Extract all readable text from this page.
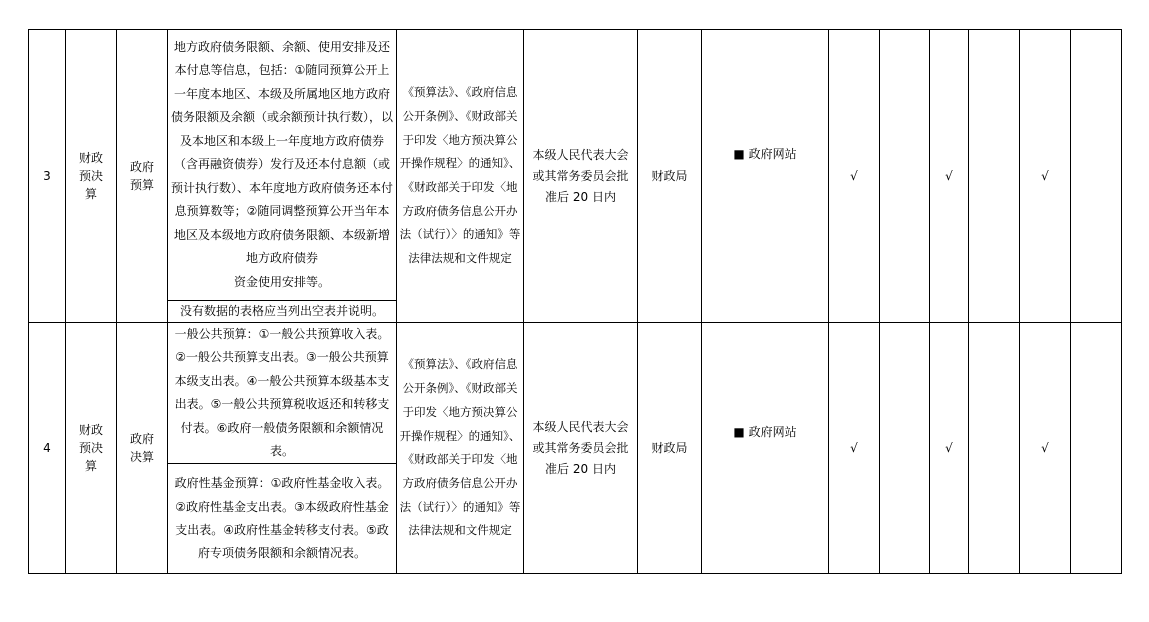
3	财政预决算	政府预算	地方政府债务限额、余额、使用安排及还本付息等信息，包括：①随同预算公开上一年度本地区、本级及所属地区地方政府债务限额及余额（或余额预计执行数），以及本地区和本级上一年度地方政府债券（含再融资债券）发行及还本付息额（或预计执行数）、本年度地方政府债务还本付息预算数等；②随同调整预算公开当年本地区及本级地方政府债务限额、本级新增地方政府债券
资金使用安排等。	《预算法》、《政府信息公开条例》、《财政部关于印发〈地方预决算公开操作规程〉的通知》、《财政部关于印发〈地方政府债务信息公开办法（试行）〉的通知》等法律法规和文件规定	本级人民代表大会或其常务委员会批准后 20 日内	财政局	■ 政府网站	√		√		√	
			没有数据的表格应当列出空表并说明。										
4	财政预决算	政府决算	一般公共预算：①一般公共预算收入表。②一般公共预算支出表。③一般公共预算本级支出表。④一般公共预算本级基本支出表。⑤一般公共预算税收返还和转移支付表。⑥政府一般债务限额和余额情况表。	《预算法》、《政府信息公开条例》、《财政部关于印发〈地方预决算公开操作规程〉的通知》、《财政部关于印发〈地方政府债务信息公开办法（试行）〉的通知》等法律法规和文件规定	本级人民代表大会或其常务委员会批准后 20 日内	财政局	■ 政府网站	√		√		√	
			政府性基金预算：①政府性基金收入表。②政府性基金支出表。③本级政府性基金支出表。④政府性基金转移支付表。⑤政府专项债务限额和余额情况表。										
